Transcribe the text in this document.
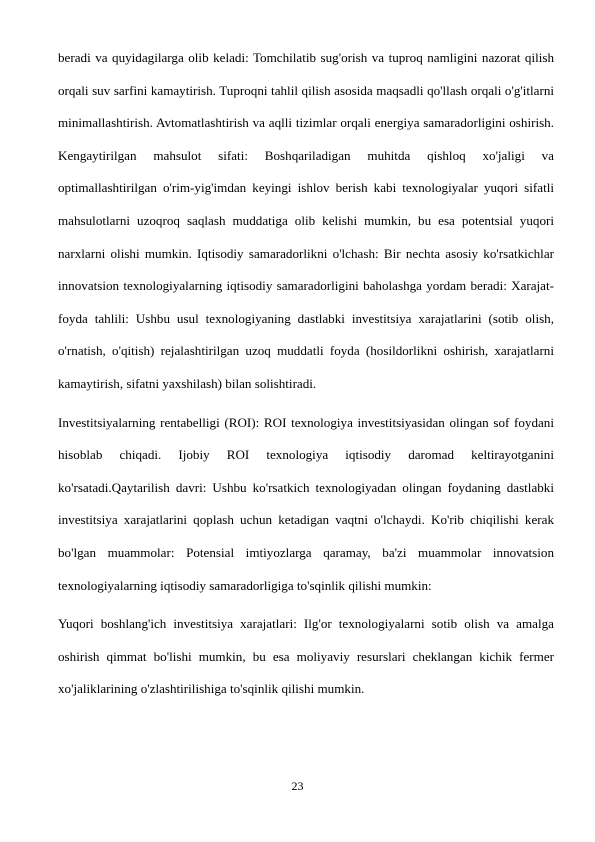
beradi va quyidagilarga olib keladi: Tomchilatib sug'orish va tuproq namligini nazorat qilish orqali suv sarfini kamaytirish. Tuproqni tahlil qilish asosida maqsadli qo'llash orqali o'g'itlarni minimallashtirish. Avtomatlashtirish va aqlli tizimlar orqali energiya samaradorligini oshirish. Kengaytirilgan mahsulot sifati: Boshqariladigan muhitda qishloq xo'jaligi va optimallashtirilgan o'rim-yig'imdan keyingi ishlov berish kabi texnologiyalar yuqori sifatli mahsulotlarni uzoqroq saqlash muddatiga olib kelishi mumkin, bu esa potentsial yuqori narxlarni olishi mumkin. Iqtisodiy samaradorlikni o'lchash: Bir nechta asosiy ko'rsatkichlar innovatsion texnologiyalarning iqtisodiy samaradorligini baholashga yordam beradi: Xarajat-foyda tahlili: Ushbu usul texnologiyaning dastlabki investitsiya xarajatlarini (sotib olish, o'rnatish, o'qitish) rejalashtirilgan uzoq muddatli foyda (hosildorlikni oshirish, xarajatlarni kamaytirish, sifatni yaxshilash) bilan solishtiradi.

Investitsiyalarning rentabelligi (ROI): ROI texnologiya investitsiyasidan olingan sof foydani hisoblab chiqadi. Ijobiy ROI texnologiya iqtisodiy daromad keltirayotganini ko'rsatadi.Qaytarilish davri: Ushbu ko'rsatkich texnologiyadan olingan foydaning dastlabki investitsiya xarajatlarini qoplash uchun ketadigan vaqtni o'lchaydi. Ko'rib chiqilishi kerak bo'lgan muammolar: Potensial imtiyozlarga qaramay, ba'zi muammolar innovatsion texnologiyalarning iqtisodiy samaradorligiga to'sqinlik qilishi mumkin:

Yuqori boshlang'ich investitsiya xarajatlari: Ilg'or texnologiyalarni sotib olish va amalga oshirish qimmat bo'lishi mumkin, bu esa moliyaviy resurslari cheklangan kichik fermer xo'jaliklarining o'zlashtirilishiga to'sqinlik qilishi mumkin.

23
